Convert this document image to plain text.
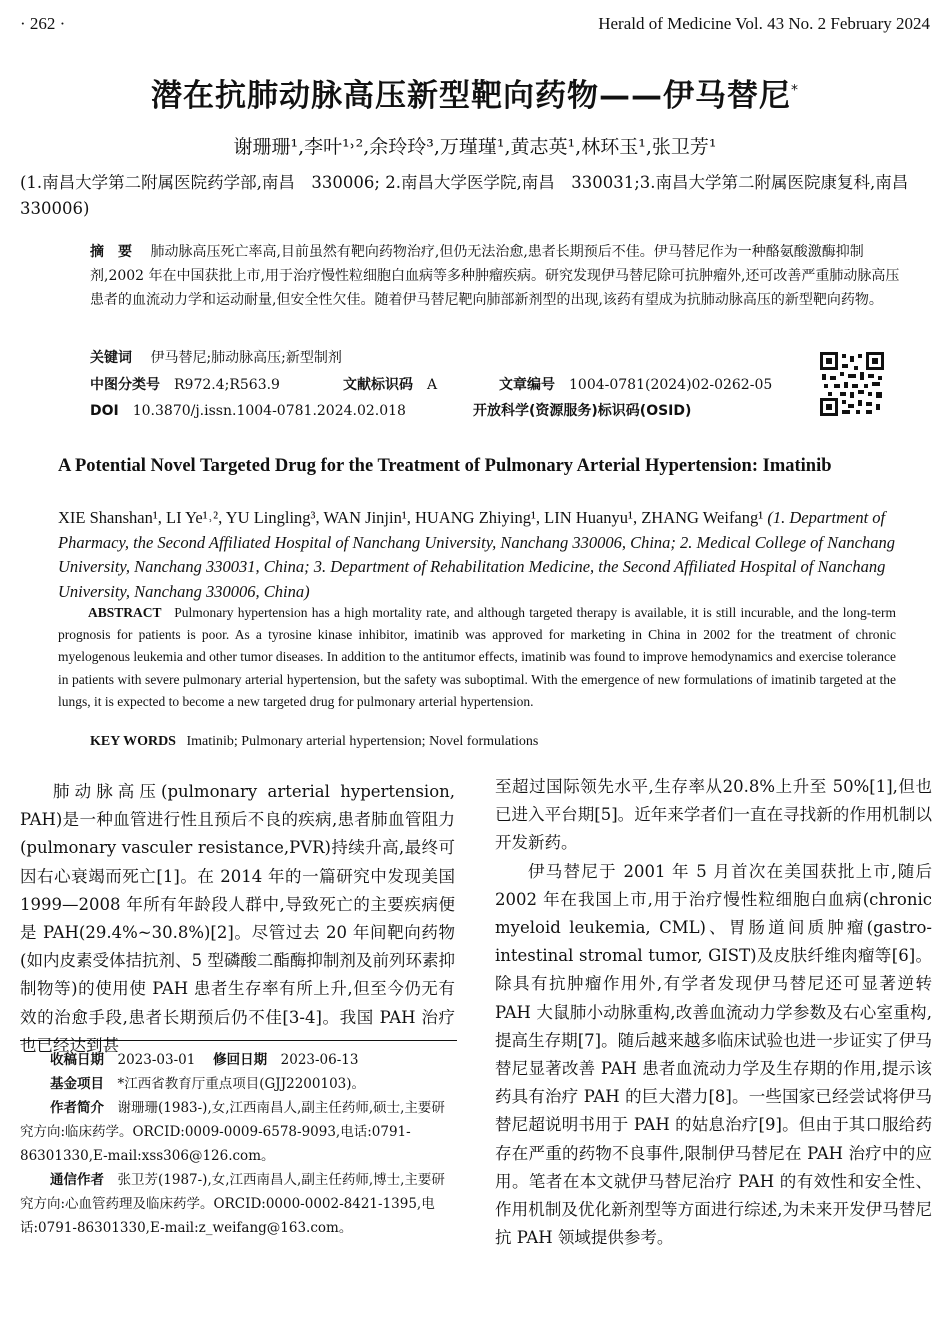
· 262 ·	Herald of Medicine Vol. 43 No. 2 February 2024
潜在抗肺动脉高压新型靶向药物——伊马替尼*
谢珊珊¹,李叶¹˒²,余玲玲³,万瑾瑾¹,黄志英¹,林环玉¹,张卫芳¹
(1.南昌大学第二附属医院药学部,南昌　330006; 2.南昌大学医学院,南昌　330031;3.南昌大学第二附属医院康复科,南昌　330006)
摘　要　 肺动脉高压死亡率高,目前虽然有靶向药物治疗,但仍无法治愈,患者长期预后不佳。伊马替尼作为一种酪氨酸激酶抑制剂,2002 年在中国获批上市,用于治疗慢性粒细胞白血病等多种肿瘤疾病。研究发现伊马替尼除可抗肿瘤外,还可改善严重肺动脉高压患者的血流动力学和运动耐量,但安全性欠佳。随着伊马替尼靶向肺部新剂型的出现,该药有望成为抗肺动脉高压的新型靶向药物。
关键词　 伊马替尼;肺动脉高压;新型制剂
中图分类号　 R972.4;R563.9	文献标识码　 A	文章编号　 1004-0781(2024)02-0262-05
DOI　 10.3870/j.issn.1004-0781.2024.02.018	开放科学(资源服务)标识码(OSID)
A Potential Novel Targeted Drug for the Treatment of Pulmonary Arterial Hypertension: Imatinib
XIE Shanshan¹, LI Ye¹˒², YU Lingling³, WAN Jinjin¹, HUANG Zhiying¹, LIN Huanyu¹, ZHANG Weifang¹ (1. Department of Pharmacy, the Second Affiliated Hospital of Nanchang University, Nanchang 330006, China; 2. Medical College of Nanchang University, Nanchang 330031, China; 3. Department of Rehabilitation Medicine, the Second Affiliated Hospital of Nanchang University, Nanchang 330006, China)
ABSTRACT Pulmonary hypertension has a high mortality rate, and although targeted therapy is available, it is still incurable, and the long-term prognosis for patients is poor. As a tyrosine kinase inhibitor, imatinib was approved for marketing in China in 2002 for the treatment of chronic myelogenous leukemia and other tumor diseases. In addition to the antitumor effects, imatinib was found to improve hemodynamics and exercise tolerance in patients with severe pulmonary arterial hypertension, but the safety was suboptimal. With the emergence of new formulations of imatinib targeted at the lungs, it is expected to become a new targeted drug for pulmonary arterial hypertension.
KEY WORDS Imatinib; Pulmonary arterial hypertension; Novel formulations

肺动脉高压(pulmonary arterial hypertension, PAH)是一种血管进行性且预后不良的疾病,患者肺血管阻力(pulmonary vasculer resistance,PVR)持续升高,最终可因右心衰竭而死亡[1]。在 2014 年的一篇研究中发现美国 1999—2008 年所有年龄段人群中,导致死亡的主要疾病便是 PAH(29.4%~30.8%)[2]。尽管过去 20 年间靶向药物(如内皮素受体拮抗剂、5 型磷酸二酯酶抑制剂及前列环素抑制物等)的使用使 PAH 患者生存率有所上升,但至今仍无有效的治愈手段,患者长期预后仍不佳[3-4]。我国 PAH 治疗也已经达到甚

至超过国际领先水平,生存率从20.8%上升至 50%[1],但也已进入平台期[5]。近年来学者们一直在寻找新的作用机制以开发新药。

伊马替尼于 2001 年 5 月首次在美国获批上市,随后 2002 年在我国上市,用于治疗慢性粒细胞白血病(chronic myeloid leukemia, CML)、胃肠道间质肿瘤(gastro-intestinal stromal tumor, GIST)及皮肤纤维肉瘤等[6]。除具有抗肿瘤作用外,有学者发现伊马替尼还可显著逆转 PAH 大鼠肺小动脉重构,改善血流动力学参数及右心室重构,提高生存期[7]。随后越来越多临床试验也进一步证实了伊马替尼显著改善 PAH 患者血流动力学及生存期的作用,提示该药具有治疗 PAH 的巨大潜力[8]。一些国家已经尝试将伊马替尼超说明书用于 PAH 的姑息治疗[9]。但由于其口服给药存在严重的药物不良事件,限制伊马替尼在 PAH 治疗中的应用。笔者在本文就伊马替尼治疗 PAH 的有效性和安全性、作用机制及优化新剂型等方面进行综述,为未来开发伊马替尼抗 PAH 领域提供参考。

收稿日期　 2023-03-01　 修回日期　 2023-06-13

基金项目　 *江西省教育厅重点项目(GJJ2200103)。

作者简介　 谢珊珊(1983-),女,江西南昌人,副主任药师,硕士,主要研究方向:临床药学。ORCID:0009-0009-6578-9093,电话:0791-86301330,E-mail:xss306@126.com。

通信作者　 张卫芳(1987-),女,江西南昌人,副主任药师,博士,主要研究方向:心血管药理及临床药学。ORCID:0000-0002-8421-1395,电话:0791-86301330,E-mail:z_weifang@163.com。
